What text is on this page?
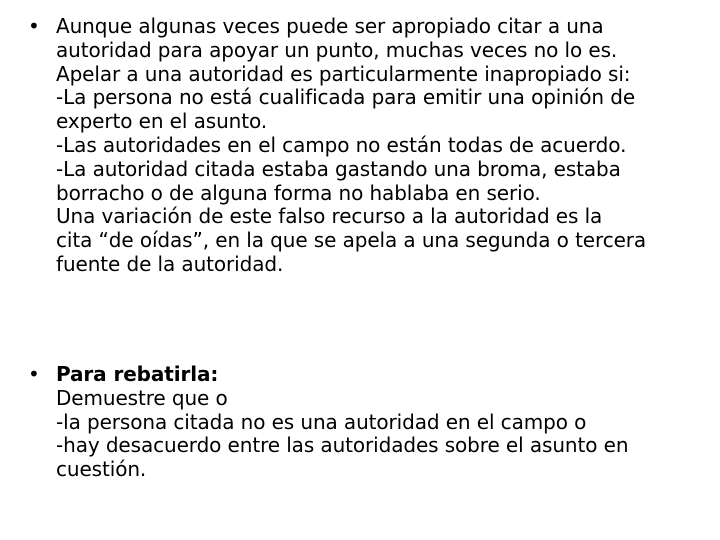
• Aunque algunas veces puede ser apropiado citar a una
autoridad para apoyar un punto, muchas veces no lo es.
Apelar a una autoridad es particularmente inapropiado si:
-La persona no está cualificada para emitir una opinión de
experto en el asunto.
-Las autoridades en el campo no están todas de acuerdo.
-La autoridad citada estaba gastando una broma, estaba
borracho o de alguna forma no hablaba en serio.
Una variación de este falso recurso a la autoridad es la
cita “de oídas”, en la que se apela a una segunda o tercera
fuente de la autoridad.
• Para rebatirla:
Demuestre que o
-la persona citada no es una autoridad en el campo o
-hay desacuerdo entre las autoridades sobre el asunto en
cuestión.
